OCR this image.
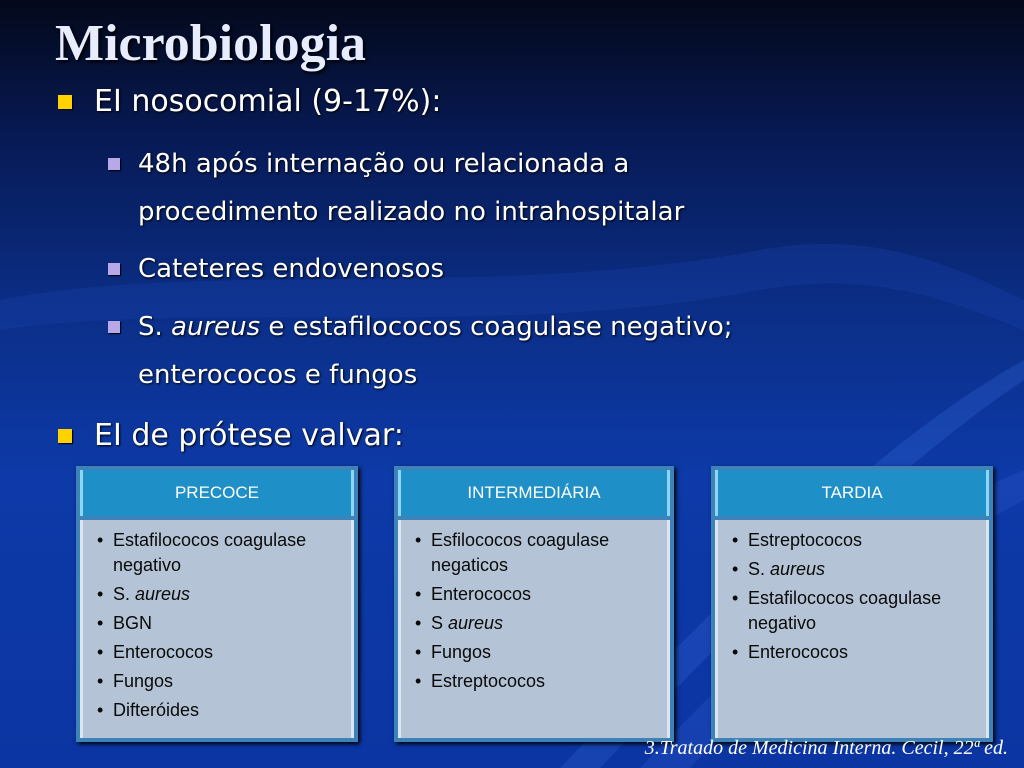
Microbiologia
EI nosocomial (9-17%):
48h após internação ou relacionada a
procedimento realizado no intrahospitalar
Cateteres endovenosos
S. aureus e estafilococos coagulase negativo;
enterococos e fungos
EI de prótese valvar:
PRECOCE
• Estafilococos coagulase negativo
• S. aureus
• BGN
• Enterococos
• Fungos
• Difteróides
INTERMEDIÁRIA
• Esfilococos coagulase negaticos
• Enterococos
• S aureus
• Fungos
• Estreptococos
TARDIA
• Estreptococos
• S. aureus
• Estafilococos coagulase negativo
• Enterococos
3.Tratado de Medicina Interna. Cecil, 22ª ed.
